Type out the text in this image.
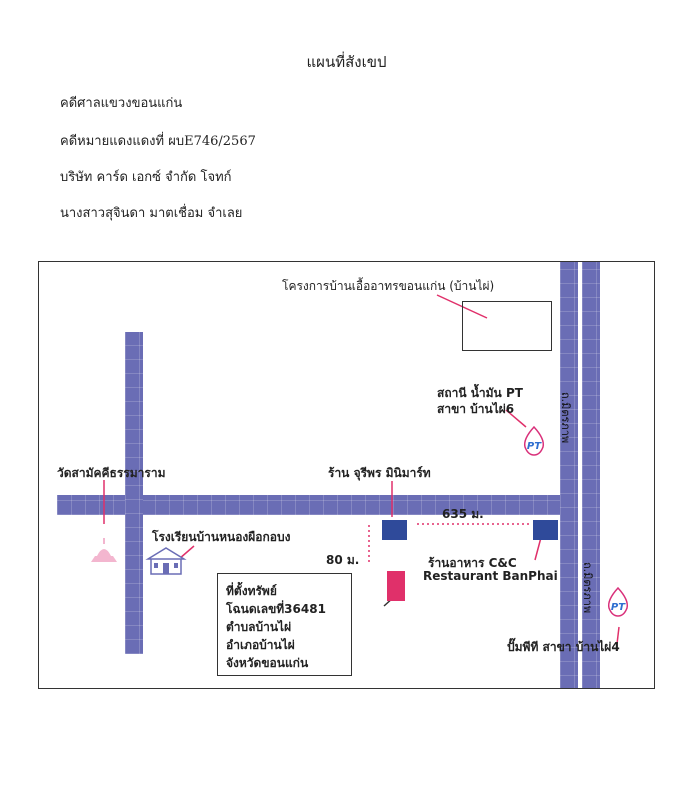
แผนที่สังเขป
คดีศาลแขวงขอนแก่น
คดีหมายแดงแดงที่ ผบE746/2567
บริษัท คาร์ด เอกซ์ จำกัด โจทก์
นางสาวสุจินดา มาตเชื่อม จำเลย
โครงการบ้านเอื้ออาทรขอนแก่น (บ้านไผ่)
สถานี น้ำมัน PT
สาขา บ้านไผ่6
วัดสามัคคีธรรมาราม	ร้าน จุรีพร มินิมาร์ท
โรงเรียนบ้านหนองผือกอบง
635 ม.
80 ม.	ร้านอาหาร C&C
Restaurant BanPhai
ปั๊มพีที สาขา บ้านไผ่4
ถ.มิตรภาพ
ถ.มิตรภาพ
PT
PT
ที่ตั้งทรัพย์
โฉนดเลขที่36481
ตำบลบ้านไผ่
อำเภอบ้านไผ่
จังหวัดขอนแก่น
